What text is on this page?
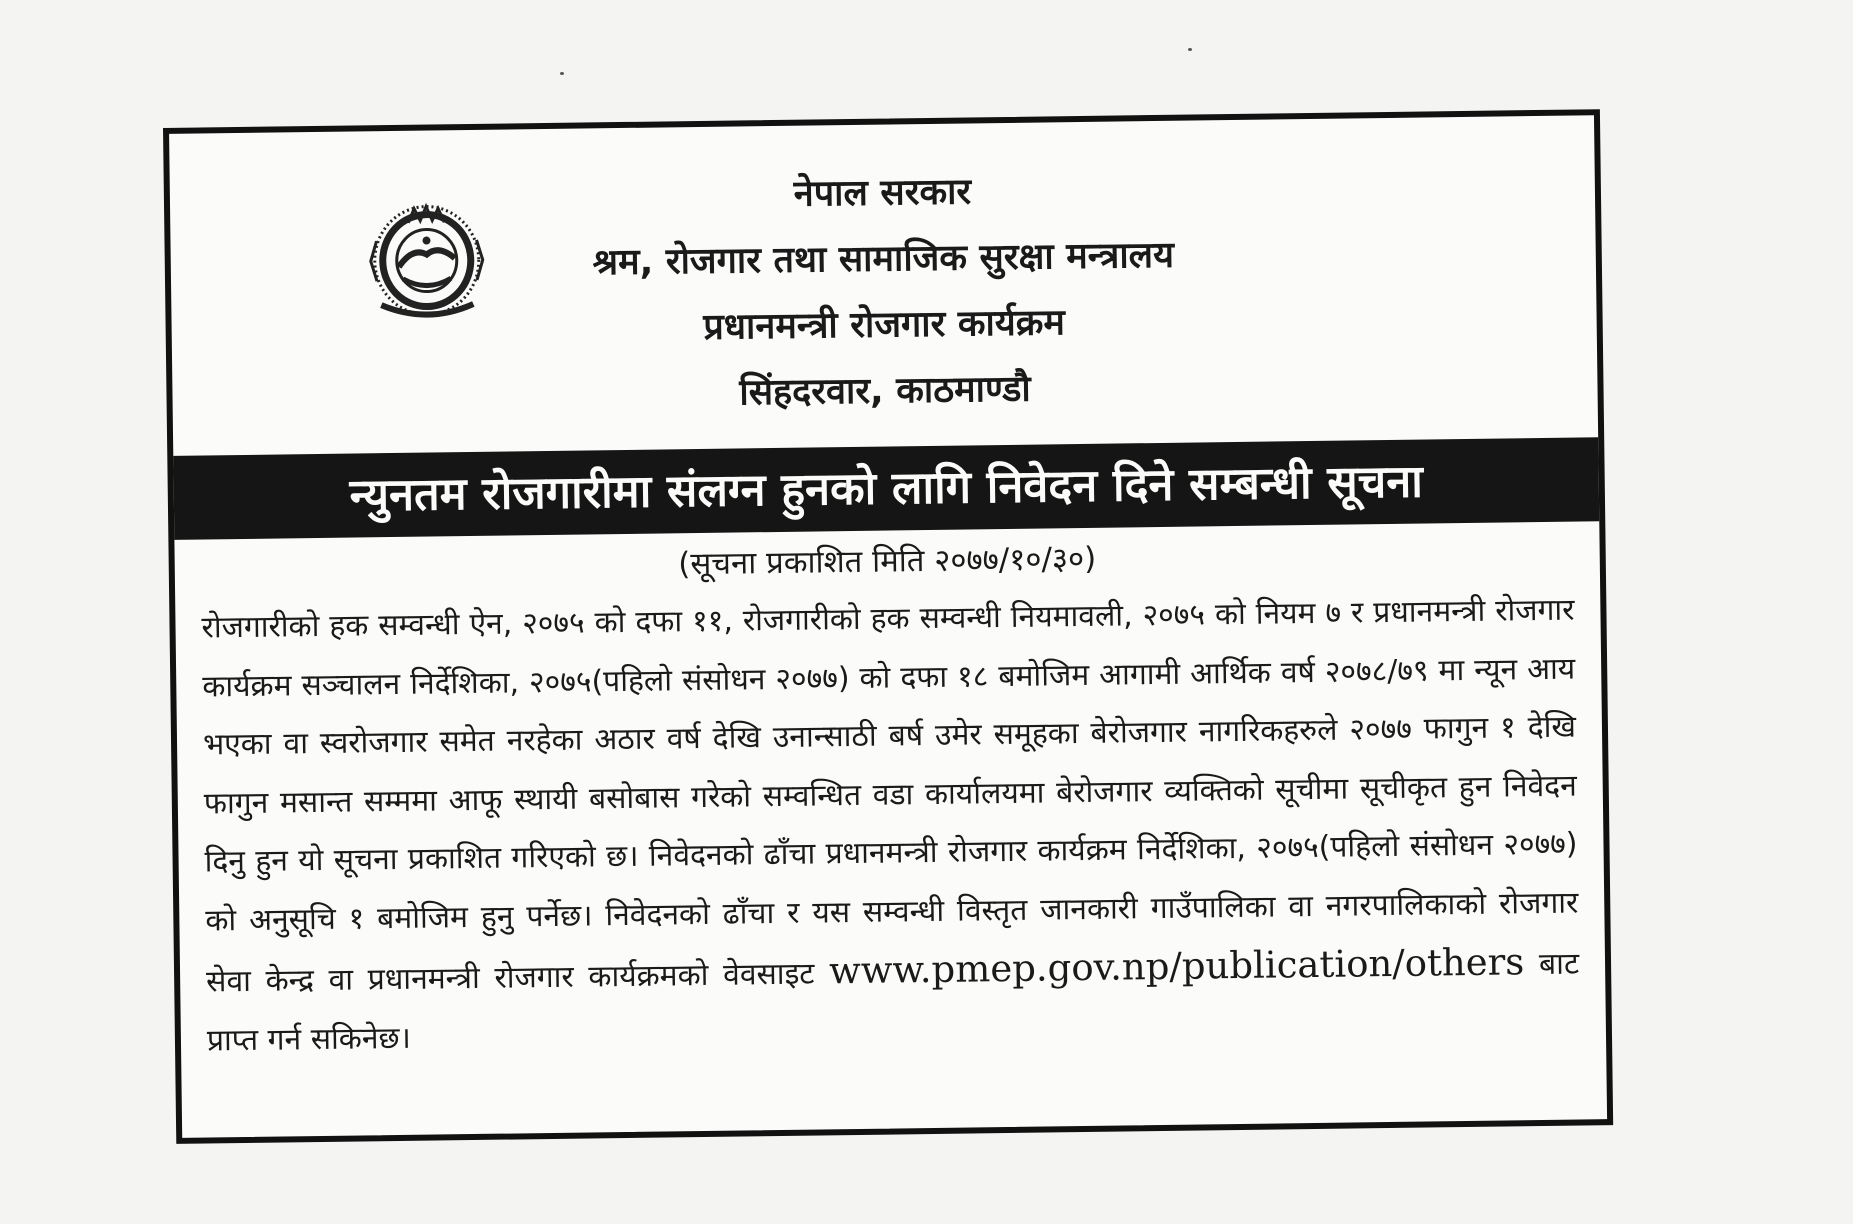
नेपाल सरकार
श्रम, रोजगार तथा सामाजिक सुरक्षा मन्त्रालय
प्रधानमन्त्री रोजगार कार्यक्रम
सिंहदरवार, काठमाण्डौ
न्युनतम रोजगारीमा संलग्न हुनको लागि निवेदन दिने सम्बन्धी सूचना
(सूचना प्रकाशित मिति २०७७/१०/३०)
रोजगारीको हक सम्वन्धी ऐन, २०७५ को दफा ११, रोजगारीको हक सम्वन्धी नियमावली, २०७५ को नियम ७ र प्रधानमन्त्री रोजगार कार्यक्रम सञ्चालन निर्देशिका, २०७५(पहिलो संसोधन २०७७) को दफा १८ बमोजिम आगामी आर्थिक वर्ष २०७८/७९ मा न्यून आय भएका वा स्वरोजगार समेत नरहेका अठार वर्ष देखि उनान्साठी बर्ष उमेर समूहका बेरोजगार नागरिकहरुले २०७७ फागुन १ देखि फागुन मसान्त सम्ममा आफू स्थायी बसोबास गरेको सम्वन्धित वडा कार्यालयमा बेरोजगार व्यक्तिको सूचीमा सूचीकृत हुन निवेदन दिनु हुन यो सूचना प्रकाशित गरिएको छ। निवेदनको ढाँचा प्रधानमन्त्री रोजगार कार्यक्रम निर्देशिका, २०७५(पहिलो संसोधन २०७७) को अनुसूचि १ बमोजिम हुनु पर्नेछ। निवेदनको ढाँचा र यस सम्वन्धी विस्तृत जानकारी गाउँपालिका वा नगरपालिकाको रोजगार सेवा केन्द्र वा प्रधानमन्त्री रोजगार कार्यक्रमको वेवसाइट www.pmep.gov.np/publication/others बाट प्राप्त गर्न सकिनेछ।
